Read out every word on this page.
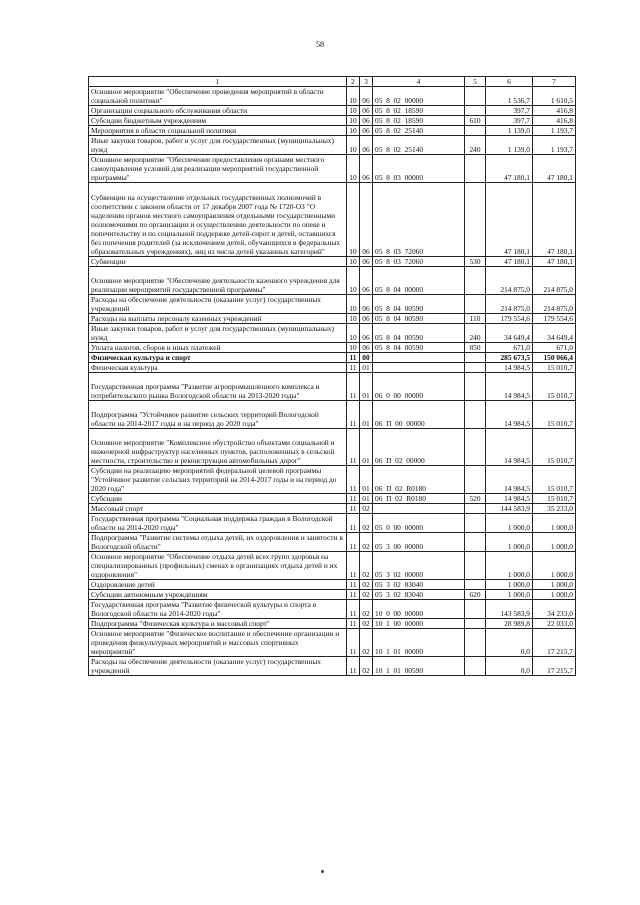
58
1	2	3	4	5	6	7
Основное мероприятие "Обеспечение проведения мероприятий в области социальной политики"	10	06	05  8  02  00000		1 536,7	1 610,5
Организации социального обслуживания области	10	06	05  8  02  18590		397,7	416,8
Субсидии бюджетным учреждениям	10	06	05  8  02  18590	610	397,7	416,8
Мероприятия в области социальной политики	10	06	05  8  02  25140		1 139,0	1 193,7
Иные закупки товаров, работ и услуг для государственных (муниципальных) нужд	10	06	05  8  02  25140	240	1 139,0	1 193,7
Основное мероприятие "Обеспечение предоставления органами местного самоуправления условий для реализации мероприятий государственной программы"	10	06	05  8  03  00000		47 180,1	47 180,1
Субвенции на осуществление отдельных государственных полномочий в соответствии с законом области от 17 декабря 2007 года № 1720-ОЗ "О наделении органов местного самоуправления отдельными государственными полномочиями по организации и осуществлению деятельности по опеке и попечительству и по социальной поддержке детей-сирот и детей, оставшихся без попечения родителей (за исключением детей, обучающихся в федеральных образовательных учреждениях), лиц из числа детей указанных категорий"	10	06	05  8  03  72060		47 180,1	47 180,1
Субвенции	10	06	05  8  03  72060	530	47 180,1	47 180,1
Основное мероприятие "Обеспечение деятельности казенного учреждения для реализации мероприятий государственной программы"	10	06	05  8  04  00000		214 875,0	214 875,0
Расходы на обеспечение деятельности (оказание услуг) государственных учреждений	10	06	05  8  04  00590		214 875,0	214 875,0
Расходы на выплаты персоналу казенных учреждений	10	06	05  8  04  00590	110	179 554,6	179 554,6
Иные закупки товаров, работ и услуг для государственных (муниципальных) нужд	10	06	05  8  04  00590	240	34 649,4	34 649,4
Уплата налогов, сборов и иных платежей	10	06	05  8  04  00590	850	671,0	671,0
Физическая культура и спорт	11	00			285 673,5	150 066,4
Физическая культура	11	01			14 984,5	15 010,7
Государственная программа "Развитие агропромышленного комплекса и потребительского рынка Вологодской области на 2013-2020 годы"	11	01	06  0  00  00000		14 984,5	15 010,7
Подпрограмма "Устойчивое развитие сельских территорий Вологодской области на 2014-2017 годы и на период до 2020 года"	11	01	06  П  00  00000		14 984,5	15 010,7
Основное мероприятие "Комплексное обустройство объектами социальной и инженерной инфраструктур населенных пунктов, расположенных в сельской местности, строительство и реконструкция автомобильных дорог"	11	01	06  П  02  00000		14 984,5	15 010,7
Субсидии на реализацию мероприятий федеральной целевой программы "Устойчивое развитие сельских территорий на 2014-2017 годы и на период до 2020 года"	11	01	06  П  02  R0180		14 984,5	15 010,7
Субсидии	11	01	06  П  02  R0180	520	14 984,5	15 010,7
Массовый спорт	11	02			144 583,9	35 233,0
Государственная программа "Социальная поддержка граждан в Вологодской области на 2014-2020 годы"	11	02	05  0  00  00000		1 000,0	1 000,0
Подпрограмма "Развитие системы отдыха детей, их оздоровления и занятости в Вологодской области"	11	02	05  3  00  00000		1 000,0	1 000,0
Основное мероприятие "Обеспечение отдыха детей всех групп здоровья на специализированных (профильных) сменах в организациях отдыха детей и их оздоровления"	11	02	05  3  02  00000		1 000,0	1 000,0
Оздоровление детей	11	02	05  3  02  83040		1 000,0	1 000,0
Субсидии автономным учреждениям	11	02	05  3  02  83040	620	1 000,0	1 000,0
Государственная программа "Развитие физической культуры и спорта в Вологодской области на 2014-2020 годы"	11	02	10  0  00  00000		143 583,9	34 233,0
Подпрограмма "Физическая культура и массовый спорт"	11	02	10  1  00  00000		28 989,8	22 033,0
Основное мероприятие "Физическое воспитание и обеспечение организации и проведения физкультурных мероприятий и массовых спортивных мероприятий"	11	02	10  1  01  00000		0,0	17 215,7
Расходы на обеспечение деятельности (оказание услуг) государственных учреждений	11	02	10  1  01  00590		0,0	17 215,7
